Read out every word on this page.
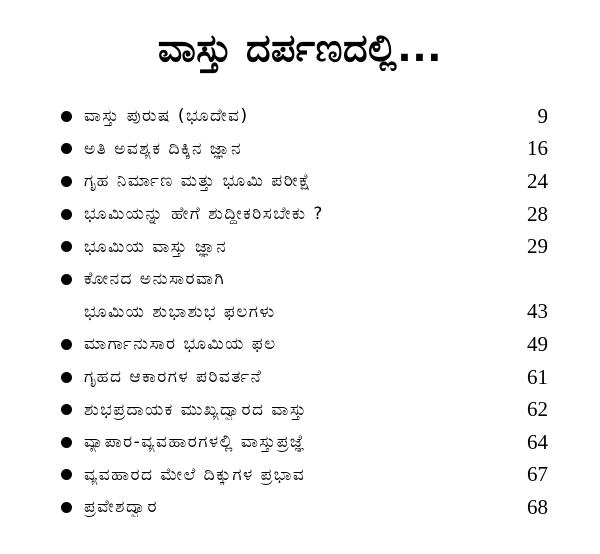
ವಾಸ್ತು ದರ್ಪಣದಲ್ಲಿ...
ವಾಸ್ತು ಪುರುಷ (ಭೂದೇವ)	9
ಅತಿ ಅವಶ್ಯಕ ದಿಕ್ಕಿನ ಜ್ಞಾನ	16
ಗೃಹ ನಿರ್ಮಾಣ ಮತ್ತು ಭೂಮಿ ಪರೀಕ್ಷೆ	24
ಭೂಮಿಯನ್ನು ಹೇಗೆ ಶುದ್ಧೀಕರಿಸಬೇಕು ?	28
ಭೂಮಿಯ ವಾಸ್ತು ಜ್ಞಾನ	29
ಕೋನದ ಅನುಸಾರವಾಗಿ
ಭೂಮಿಯ ಶುಭಾಶುಭ ಫಲಗಳು	43
ಮಾರ್ಗಾನುಸಾರ ಭೂಮಿಯ ಫಲ	49
ಗೃಹದ ಆಕಾರಗಳ ಪರಿವರ್ತನೆ	61
ಶುಭಪ್ರದಾಯಕ ಮುಖ್ಯದ್ವಾರದ ವಾಸ್ತು	62
ವ್ಯಾಪಾರ-ವ್ಯವಹಾರಗಳಲ್ಲಿ ವಾಸ್ತುಪ್ರಜ್ಞೆ	64
ವ್ಯವಹಾರದ ಮೇಲೆ ದಿಕ್ಕುಗಳ ಪ್ರಭಾವ	67
ಪ್ರವೇಶದ್ವಾರ	68
